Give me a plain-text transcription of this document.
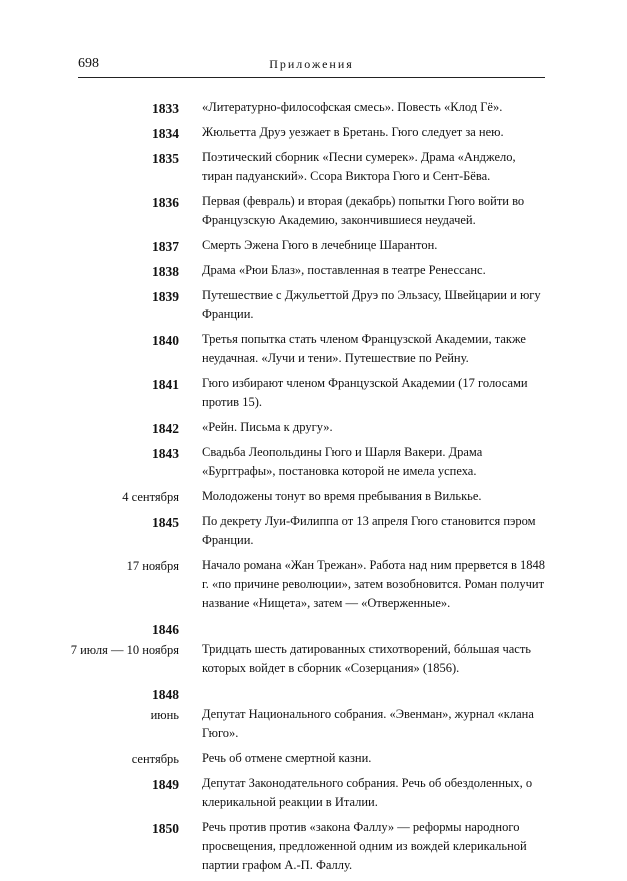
698	Приложения
1833 «Литературно-философская смесь». Повесть «Клод Гё».
1834 Жюльетта Друэ уезжает в Бретань. Гюго следует за нею.
1835 Поэтический сборник «Песни сумерек». Драма «Анджело, тиран падуанский». Ссора Виктора Гюго и Сент-Бёва.
1836 Первая (февраль) и вторая (декабрь) попытки Гюго войти во Французскую Академию, закончившиеся неудачей.
1837 Смерть Эжена Гюго в лечебнице Шарантон.
1838 Драма «Рюи Блаз», поставленная в театре Ренессанс.
1839 Путешествие с Джульеттой Друэ по Эльзасу, Швейцарии и югу Франции.
1840 Третья попытка стать членом Французской Академии, также неудачная. «Лучи и тени». Путешествие по Рейну.
1841 Гюго избирают членом Французской Академии (17 голосами против 15).
1842 «Рейн. Письма к другу».
1843 Свадьба Леопольдины Гюго и Шарля Вакери. Драма «Бургграфы», постановка которой не имела успеха.
4 сентября Молодожены тонут во время пребывания в Вилькье.
1845 По декрету Луи-Филиппа от 13 апреля Гюго становится пэром Франции.
17 ноября Начало романа «Жан Трежан». Работа над ним прервется в 1848 г. «по причине революции», затем возобновится. Роман получит название «Нищета», затем — «Отверженные».
1846
7 июля — 10 ноября Тридцать шесть датированных стихотворений, бóльшая часть которых войдет в сборник «Созерцания» (1856).
1848
июнь Депутат Национального собрания. «Эвенман», журнал «клана Гюго».
сентябрь Речь об отмене смертной казни.
1849 Депутат Законодательного собрания. Речь об обездоленных, о клерикальной реакции в Италии.
1850 Речь против против «закона Фаллу» — реформы народного просвещения, предложенной одним из вождей клерикальной партии графом А.-П. Фаллу.
